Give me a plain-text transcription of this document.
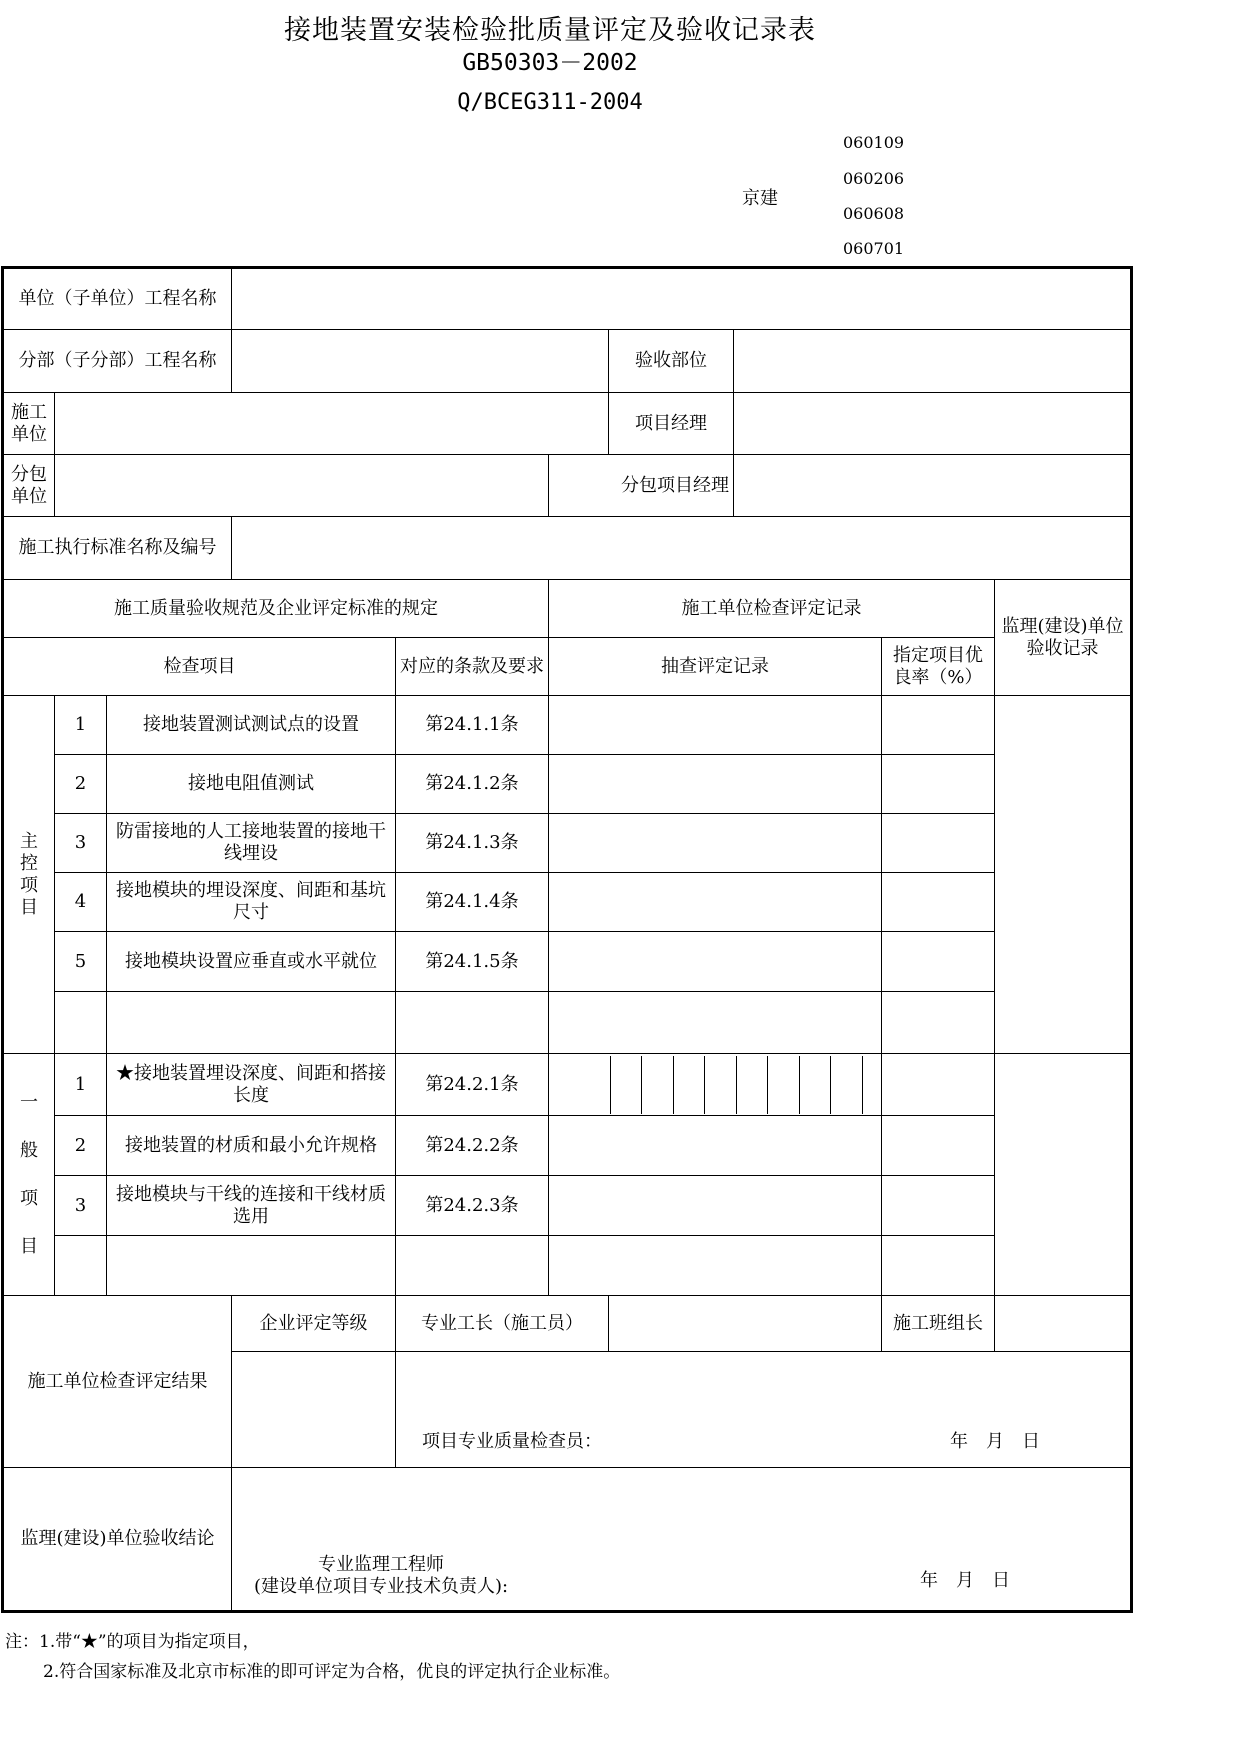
接地装置安装检验批质量评定及验收记录表
GB50303－2002
Q/BCEG311-2004
060109
060206
京建
060608
060701
单位（子单位）工程名称									
分部（子分部）工程名称						验收部位			
施工单位						项目经理			
分包单位					分包项目经理				
施工执行标准名称及编号									
施工质量验收规范及企业评定标准的规定					施工单位检查评定记录				监理(建设)单位验收记录
检查项目				对应的条款及要求	抽查评定记录			指定项目优良率（%）	

主控项目	1	接地装置测试测试点的设置		第24.1.1条					
	2	接地电阻值测试		第24.1.2条					
	3	防雷接地的人工接地装置的接地干线埋设		第24.1.3条					
	4	接地模块的埋设深度、间距和基坑尺寸		第24.1.4条					
	5	接地模块设置应垂直或水平就位		第24.1.5条					

一
般
项
目	1	★接地装置埋设深度、间距和搭接长度		第24.2.1条			

	2	接地装置的材质和最小允许规格		第24.2.2条					
	3	接地模块与干线的连接和干线材质选用		第24.2.3条					

施工单位检查评定结果			企业评定等级	专业工长（施工员）				施工班组长	

				项目专业质量检查员： 年　月　日					

监理(建设)单位验收结论			专业监理工程师
(建设单位项目专业技术负责人): 年　月　日						
注：1.带“★”的项目为指定项目，
2.符合国家标准及北京市标准的即可评定为合格，优良的评定执行企业标准。
